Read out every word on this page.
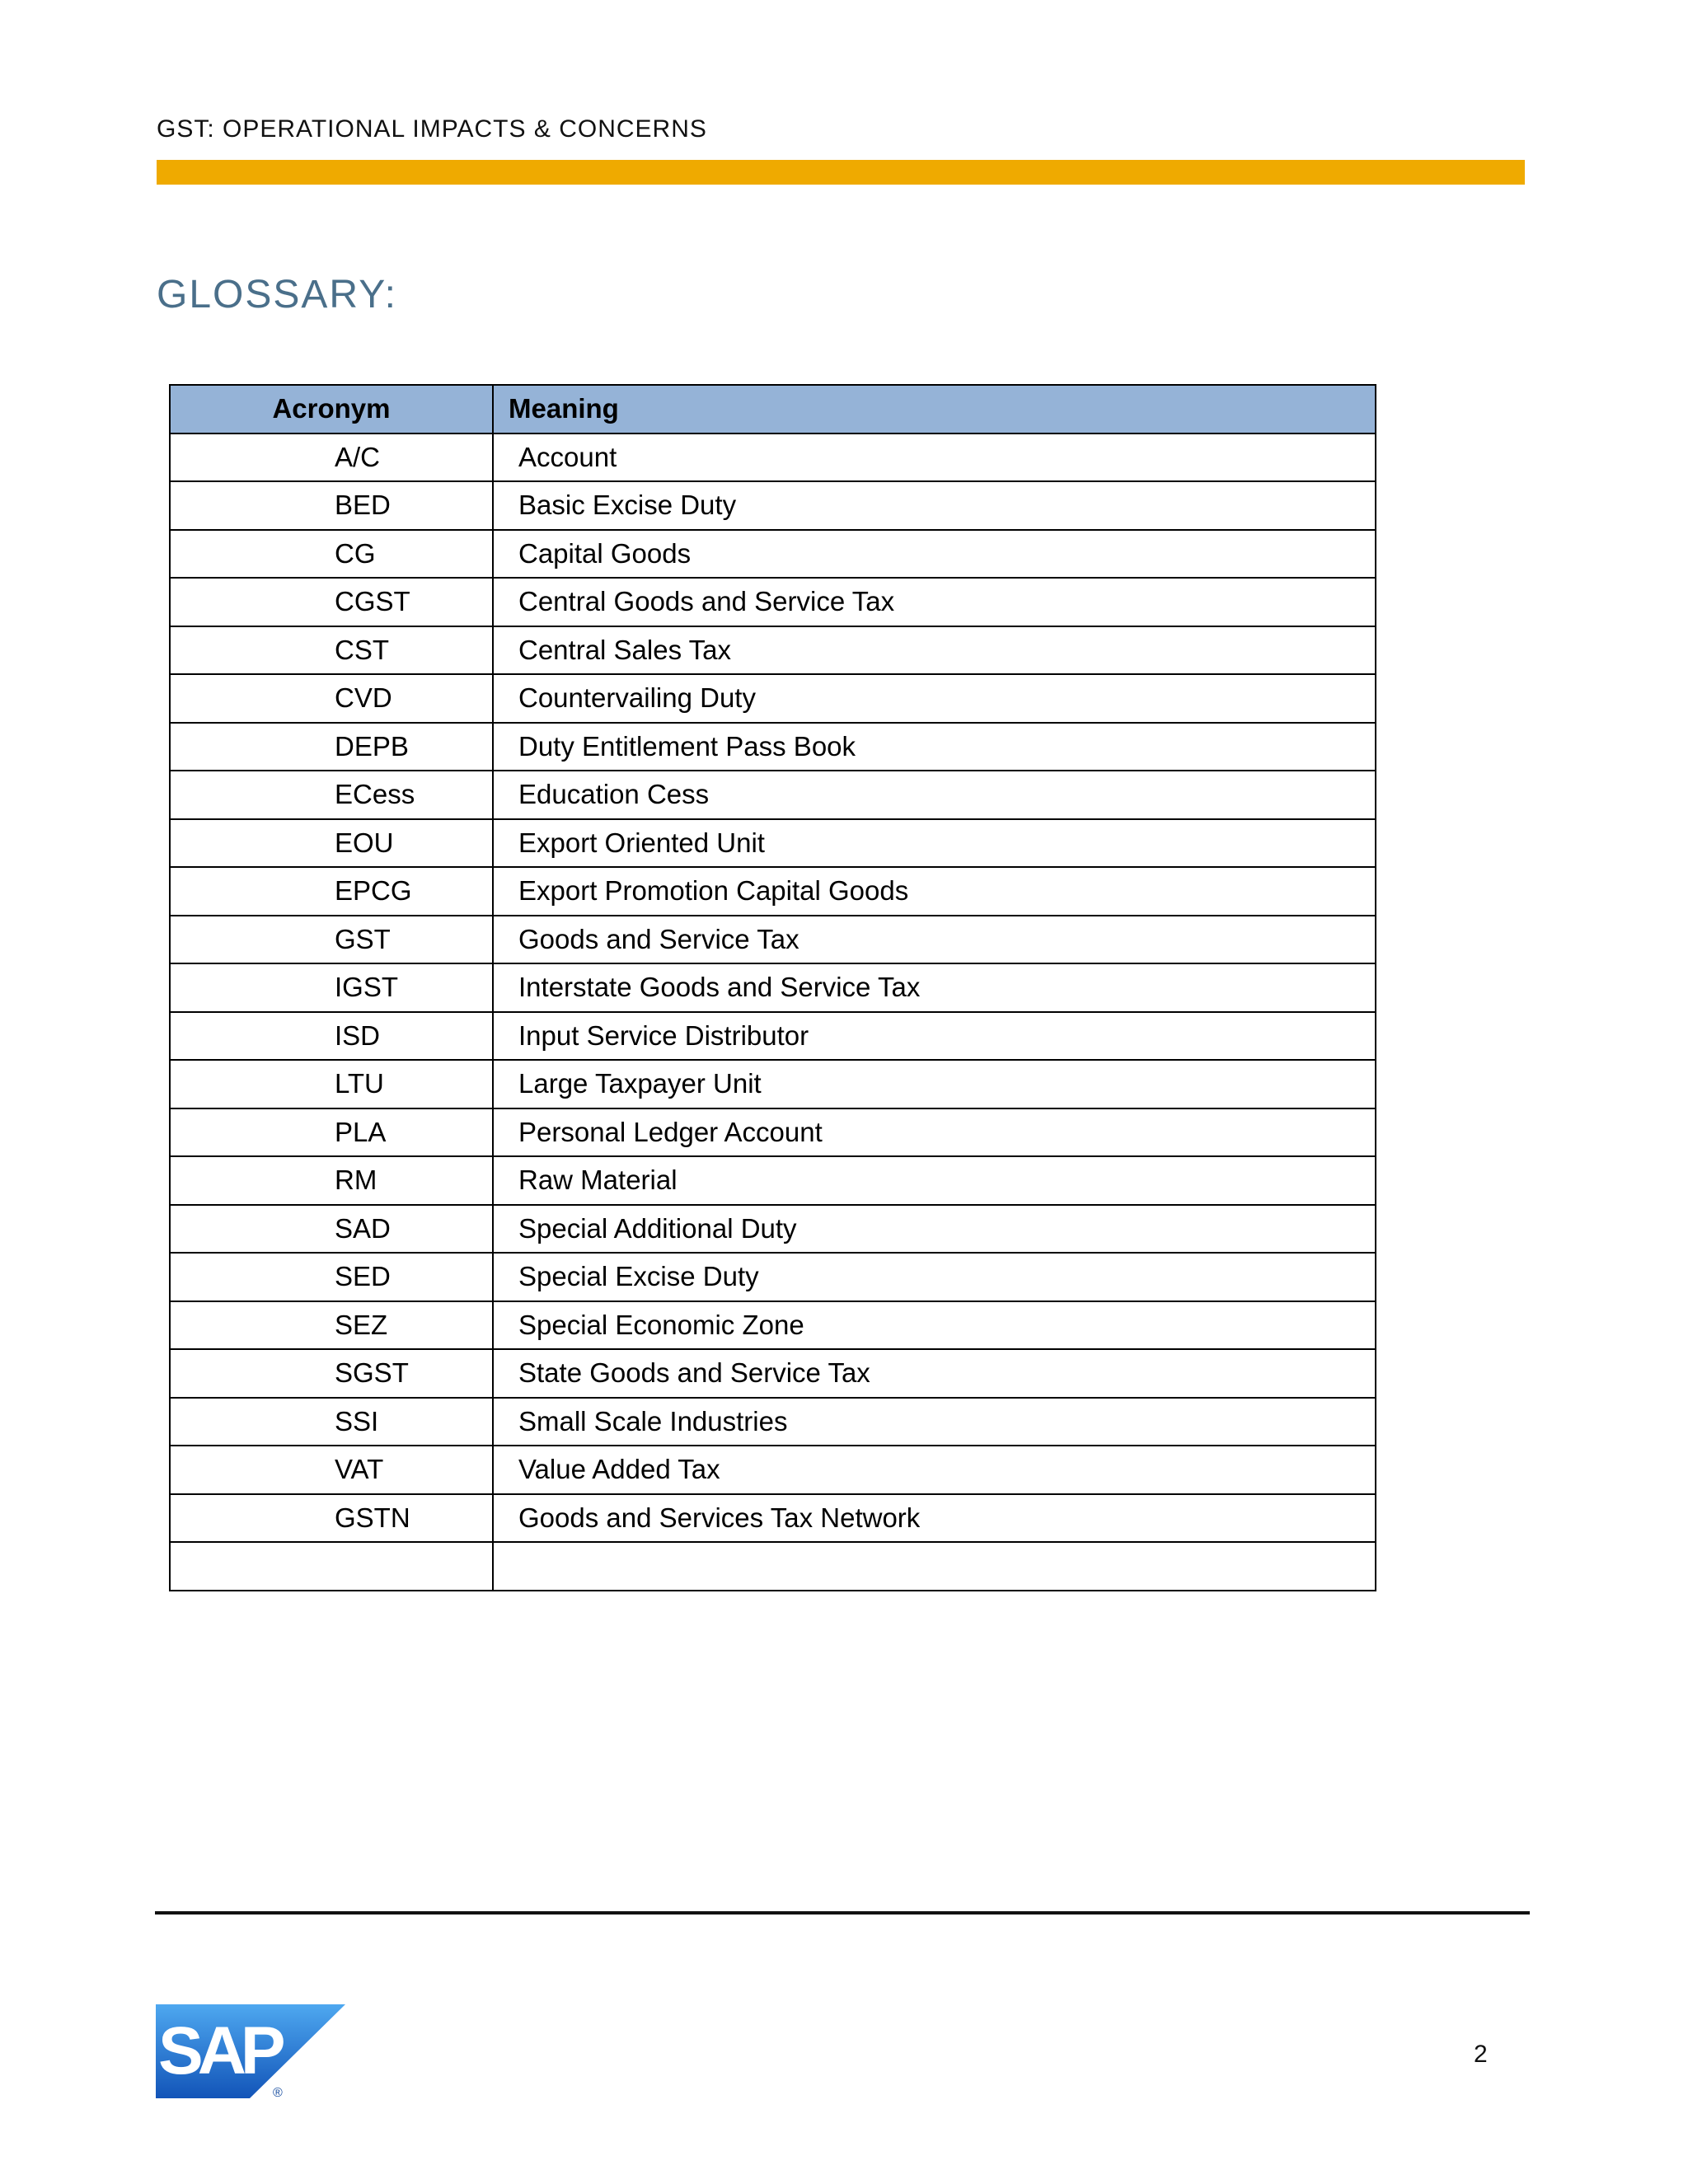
GST: OPERATIONAL IMPACTS & CONCERNS
GLOSSARY:
Acronym	Meaning
A/C	Account
BED	Basic Excise Duty
CG	Capital Goods
CGST	Central Goods and Service Tax
CST	Central Sales Tax
CVD	Countervailing Duty
DEPB	Duty Entitlement Pass Book
ECess	Education Cess
EOU	Export Oriented Unit
EPCG	Export Promotion Capital Goods
GST	Goods and Service Tax
IGST	Interstate Goods and Service Tax
ISD	Input Service Distributor
LTU	Large Taxpayer Unit
PLA	Personal Ledger Account
RM	Raw Material
SAD	Special Additional Duty
SED	Special Excise Duty
SEZ	Special Economic Zone
SGST	State Goods and Service Tax
SSI	Small Scale Industries
VAT	Value Added Tax
GSTN	Goods and Services Tax Network

SAP
®
2
